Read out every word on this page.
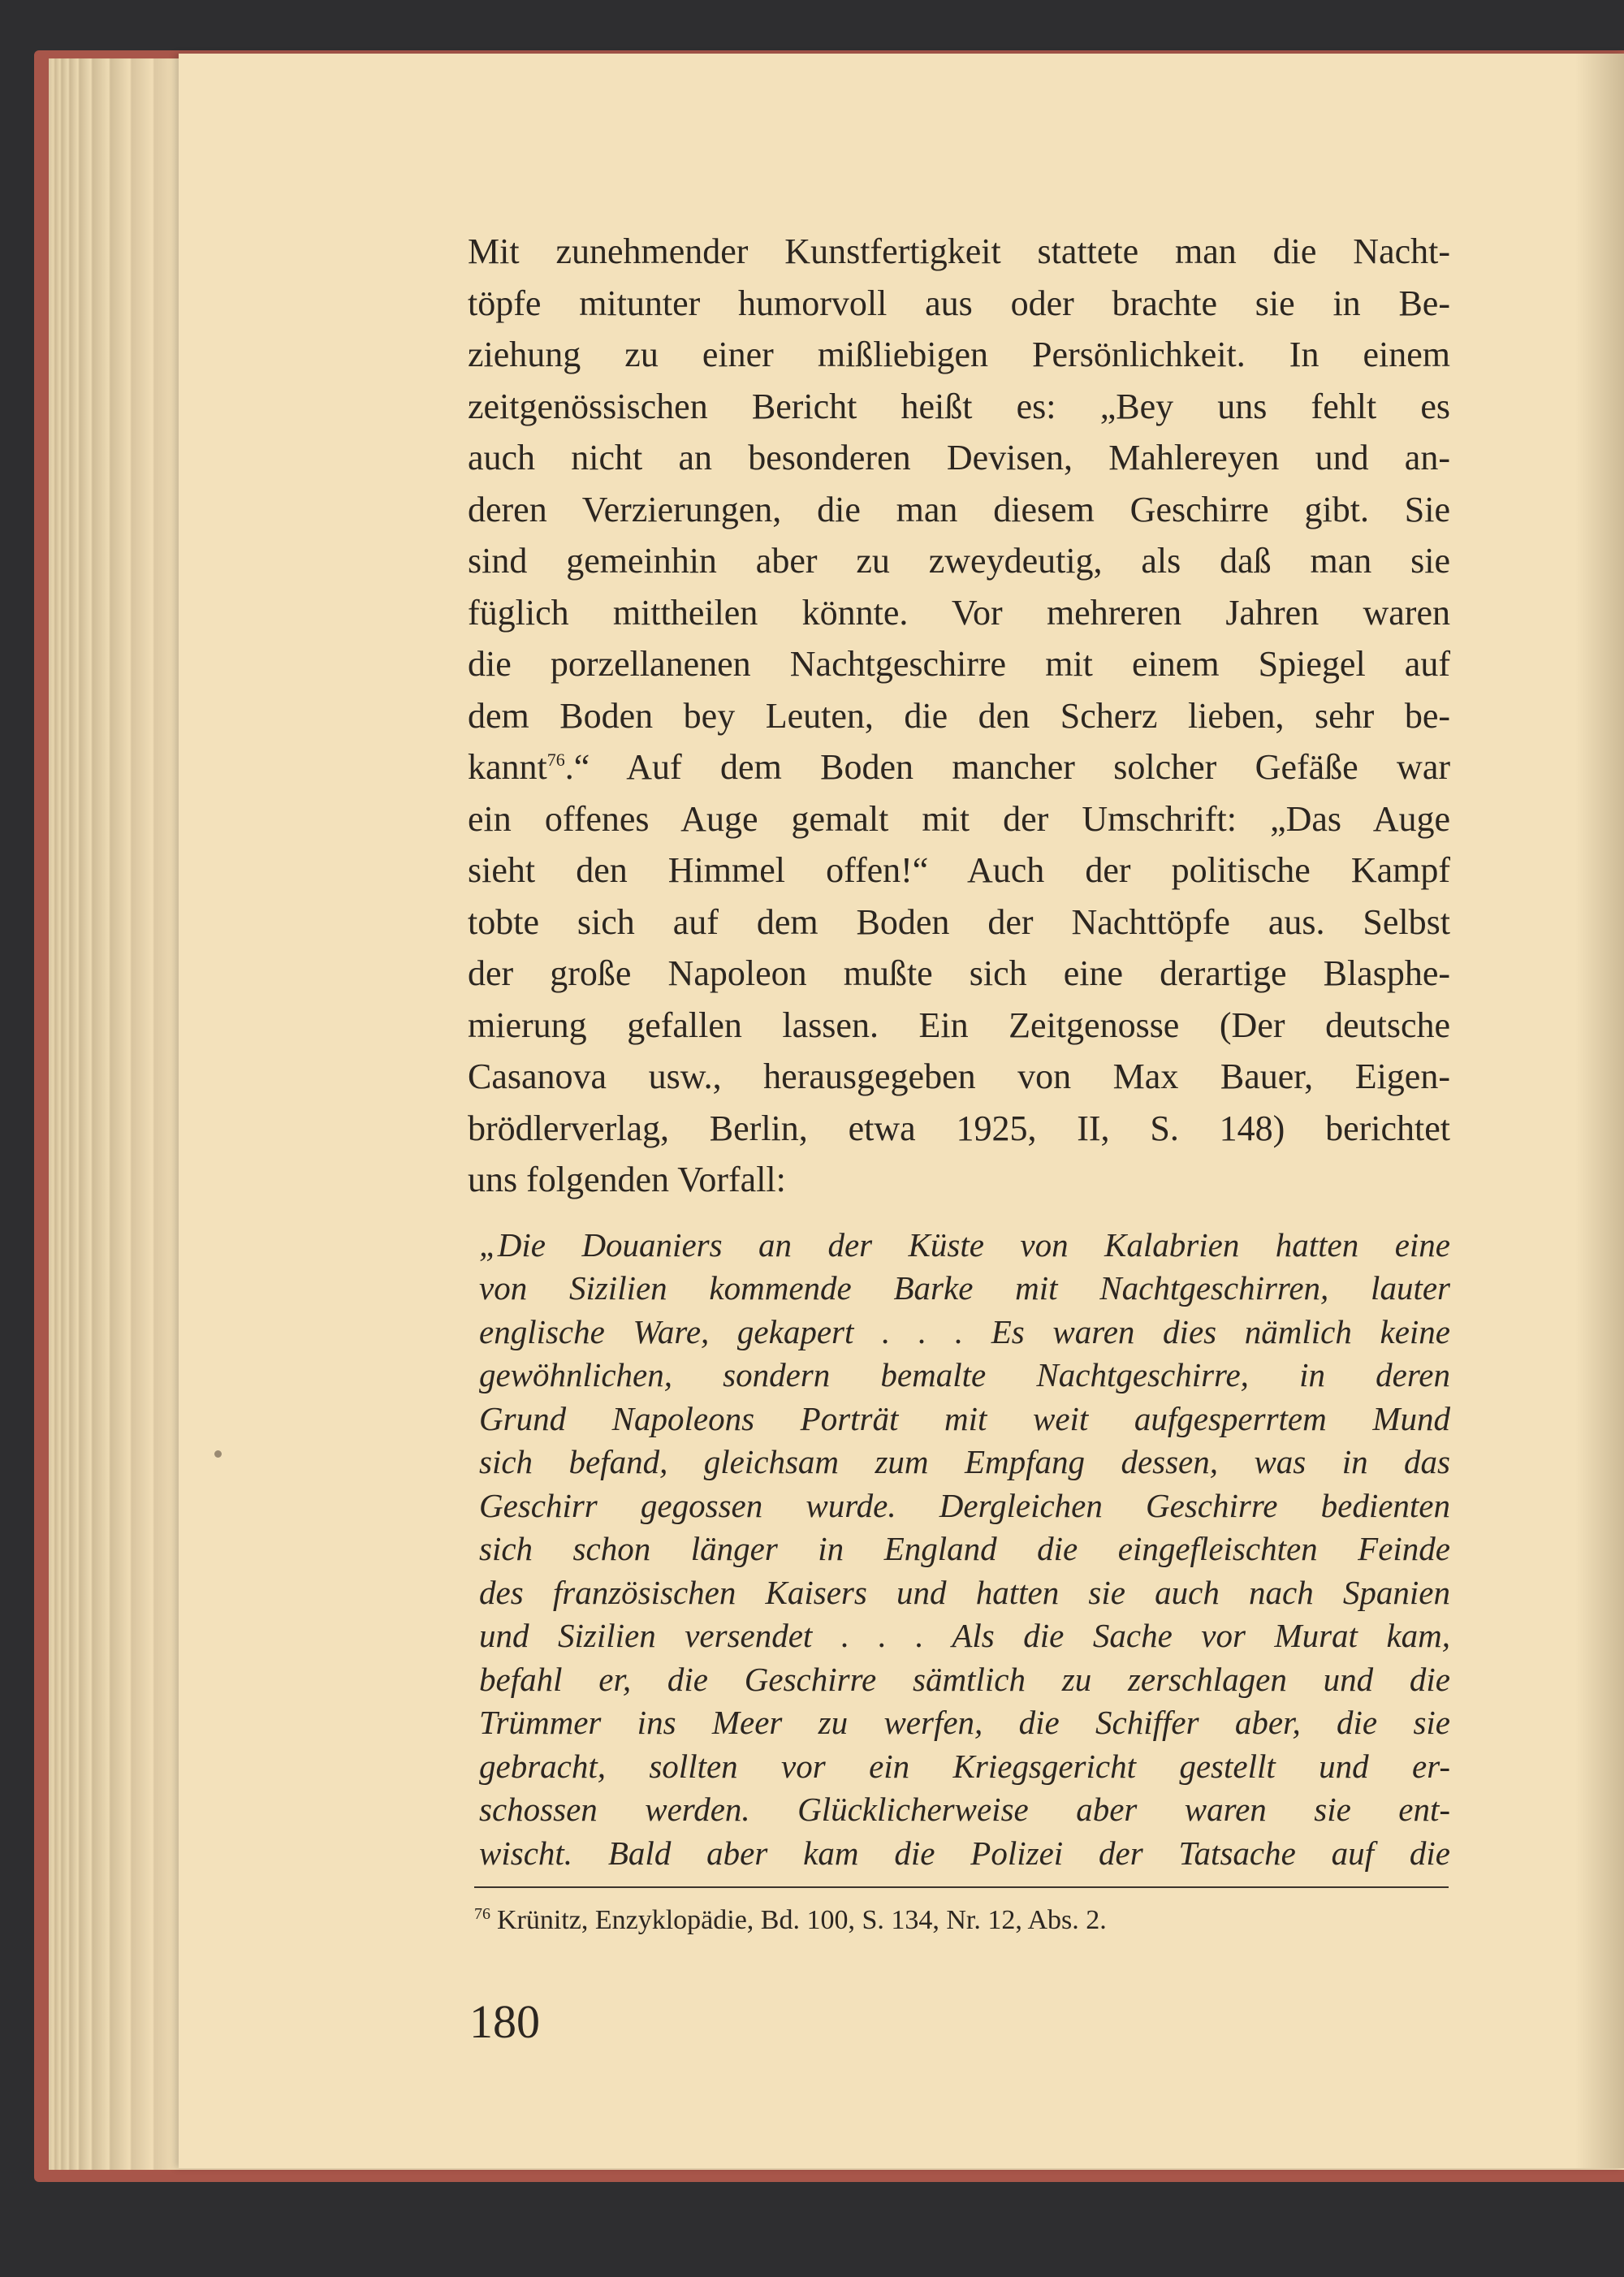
Mit zunehmender Kunstfertigkeit stattete man die Nacht-
töpfe mitunter humorvoll aus oder brachte sie in Be-
ziehung zu einer mißliebigen Persönlichkeit. In einem
zeitgenössischen Bericht heißt es: „Bey uns fehlt es
auch nicht an besonderen Devisen, Mahlereyen und an-
deren Verzierungen, die man diesem Geschirre gibt. Sie
sind gemeinhin aber zu zweydeutig, als daß man sie
füglich mittheilen könnte. Vor mehreren Jahren waren
die porzellanenen Nachtgeschirre mit einem Spiegel auf
dem Boden bey Leuten, die den Scherz lieben, sehr be-
kannt$^{76}$.“ Auf dem Boden mancher solcher Gefäße war
ein offenes Auge gemalt mit der Umschrift: „Das Auge
sieht den Himmel offen!“ Auch der politische Kampf
tobte sich auf dem Boden der Nachttöpfe aus. Selbst
der große Napoleon mußte sich eine derartige Blasphe-
mierung gefallen lassen. Ein Zeitgenosse (Der deutsche
Casanova usw., herausgegeben von Max Bauer, Eigen-
brödlerverlag, Berlin, etwa 1925, II, S. 148) berichtet
uns folgenden Vorfall:
„Die Douaniers an der Küste von Kalabrien hatten eine
von Sizilien kommende Barke mit Nachtgeschirren, lauter
englische Ware, gekapert . . . Es waren dies nämlich keine
gewöhnlichen, sondern bemalte Nachtgeschirre, in deren
Grund Napoleons Porträt mit weit aufgesperrtem Mund
sich befand, gleichsam zum Empfang dessen, was in das
Geschirr gegossen wurde. Dergleichen Geschirre bedienten
sich schon länger in England die eingefleischten Feinde
des französischen Kaisers und hatten sie auch nach Spanien
und Sizilien versendet . . . Als die Sache vor Murat kam,
befahl er, die Geschirre sämtlich zu zerschlagen und die
Trümmer ins Meer zu werfen, die Schiffer aber, die sie
gebracht, sollten vor ein Kriegsgericht gestellt und er-
schossen werden. Glücklicherweise aber waren sie ent-
wischt. Bald aber kam die Polizei der Tatsache auf die
$^{76}$ Krünitz, Enzyklopädie, Bd. 100, S. 134, Nr. 12, Abs. 2.
180
